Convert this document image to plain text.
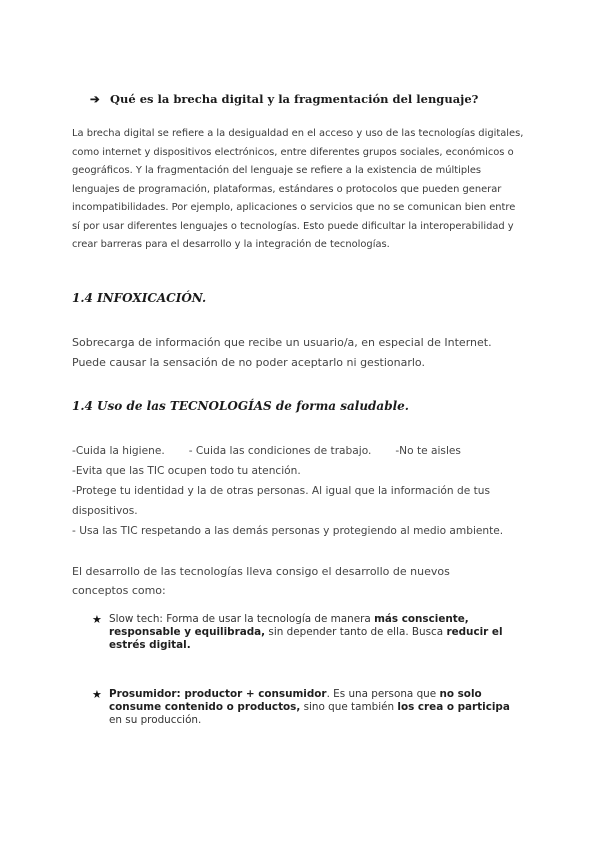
➔ Qué es la brecha digital y la fragmentación del lenguaje?

La brecha digital se refiere a la desigualdad en el acceso y uso de las tecnologías digitales,
como internet y dispositivos electrónicos, entre diferentes grupos sociales, económicos o
geográficos. Y la fragmentación del lenguaje se refiere a la existencia de múltiples
lenguajes de programación, plataformas, estándares o protocolos que pueden generar
incompatibilidades. Por ejemplo, aplicaciones o servicios que no se comunican bien entre
sí por usar diferentes lenguajes o tecnologías. Esto puede dificultar la interoperabilidad y
crear barreras para el desarrollo y la integración de tecnologías.

1.4 INFOXICACIÓN.

Sobrecarga de información que recibe un usuario/a, en especial de Internet.
Puede causar la sensación de no poder aceptarlo ni gestionarlo.

1.4 Uso de las TECNOLOGÍAS de forma saludable.

-Cuida la higiene. - Cuida las condiciones de trabajo. -No te aisles
-Evita que las TIC ocupen todo tu atención.
-Protege tu identidad y la de otras personas. Al igual que la información de tus
dispositivos.
- Usa las TIC respetando a las demás personas y protegiendo al medio ambiente.
El desarrollo de las tecnologías lleva consigo el desarrollo de nuevos
conceptos como:
★ Slow tech: Forma de usar la tecnología de manera más consciente,
responsable y equilibrada, sin depender tanto de ella. Busca reducir el
estrés digital.
★ Prosumidor: productor + consumidor. Es una persona que no solo
consume contenido o productos, sino que también los crea o participa
en su producción.
